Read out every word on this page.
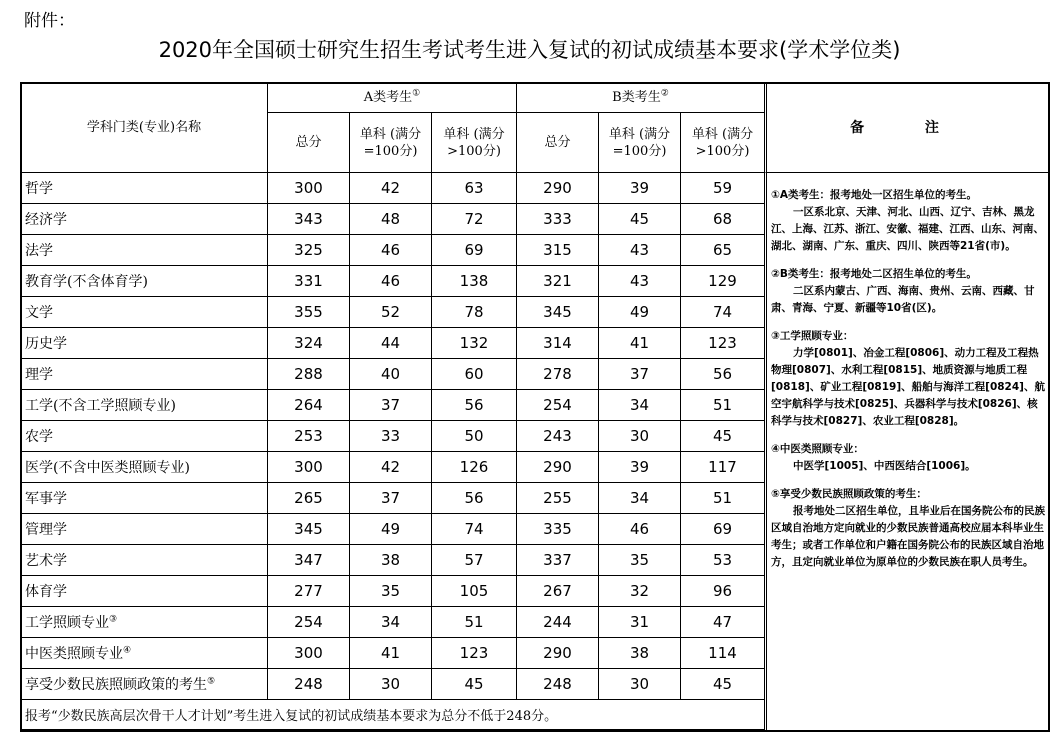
附件：
2020年全国硕士研究生招生考试考生进入复试的初试成绩基本要求(学术学位类)
学科门类(专业)名称	A类考生①			B类考生②
	总分	单科 (满分=100分)	单科 (满分>100分)	总分	单科 (满分=100分)	单科 (满分>100分)
哲学	300	42	63	290	39	59
经济学	343	48	72	333	45	68
法学	325	46	69	315	43	65
教育学(不含体育学)	331	46	138	321	43	129
文学	355	52	78	345	49	74
历史学	324	44	132	314	41	123
理学	288	40	60	278	37	56
工学(不含工学照顾专业)	264	37	56	254	34	51
农学	253	33	50	243	30	45
医学(不含中医类照顾专业)	300	42	126	290	39	117
军事学	265	37	56	255	34	51
管理学	345	49	74	335	46	69
艺术学	347	38	57	337	35	53
体育学	277	35	105	267	32	96
工学照顾专业③	254	34	51	244	31	47
中医类照顾专业④	300	41	123	290	38	114
享受少数民族照顾政策的考生⑤	248	30	45	248	30	45
报考“少数民族高层次骨干人才计划”考生进入复试的初试成绩基本要求为总分不低于248分。						
备 注

①A类考生：报考地处一区招生单位的考生。

一区系北京、天津、河北、山西、辽宁、吉林、黑龙江、上海、江苏、浙江、安徽、福建、江西、山东、河南、湖北、湖南、广东、重庆、四川、陕西等21省(市)。

②B类考生：报考地处二区招生单位的考生。

二区系内蒙古、广西、海南、贵州、云南、西藏、甘肃、青海、宁夏、新疆等10省(区)。

③工学照顾专业：

力学[0801]、冶金工程[0806]、动力工程及工程热物理[0807]、水利工程[0815]、地质资源与地质工程[0818]、矿业工程[0819]、船舶与海洋工程[0824]、航空宇航科学与技术[0825]、兵器科学与技术[0826]、核科学与技术[0827]、农业工程[0828]。

④中医类照顾专业：

中医学[1005]、中西医结合[1006]。

⑤享受少数民族照顾政策的考生：

报考地处二区招生单位，且毕业后在国务院公布的民族区域自治地方定向就业的少数民族普通高校应届本科毕业生考生；或者工作单位和户籍在国务院公布的民族区域自治地方，且定向就业单位为原单位的少数民族在职人员考生。
